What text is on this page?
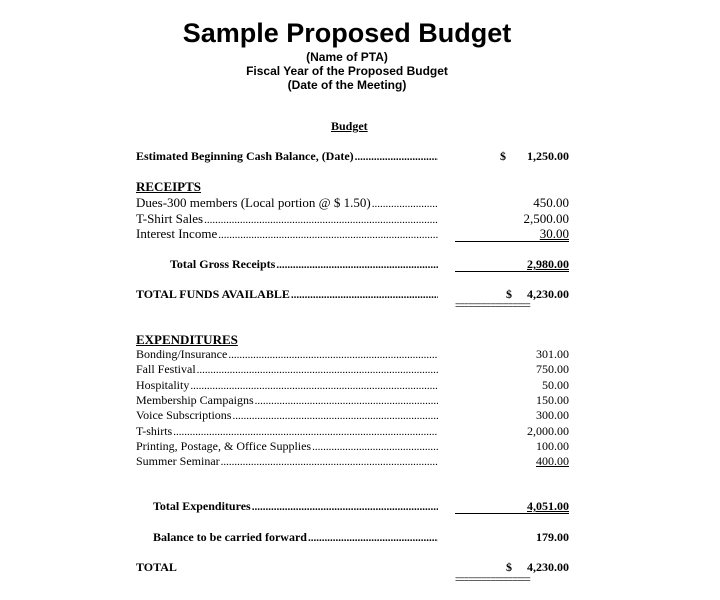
Sample Proposed Budget
(Name of PTA)
Fiscal Year of the Proposed Budget
(Date of the Meeting)
Budget
Estimated Beginning Cash Balance, (Date) .....	$ 1,250.00
RECEIPTS
Dues-300 members (Local portion @ $ 1.50) .....	450.00
T-Shirt Sales .....	2,500.00
Interest Income .....	30.00
Total Gross Receipts .....	2,980.00
TOTAL FUNDS AVAILABLE .....	$ 4,230.00
=================
EXPENDITURES
Bonding/Insurance .....	301.00
Fall Festival .....	750.00
Hospitality .....	50.00
Membership Campaigns .....	150.00
Voice Subscriptions .....	300.00
T-shirts .....	2,000.00
Printing, Postage, & Office Supplies .....	100.00
Summer Seminar .....	400.00
Total Expenditures .....	4,051.00
Balance to be carried forward .....	179.00
TOTAL	$ 4,230.00
=================
